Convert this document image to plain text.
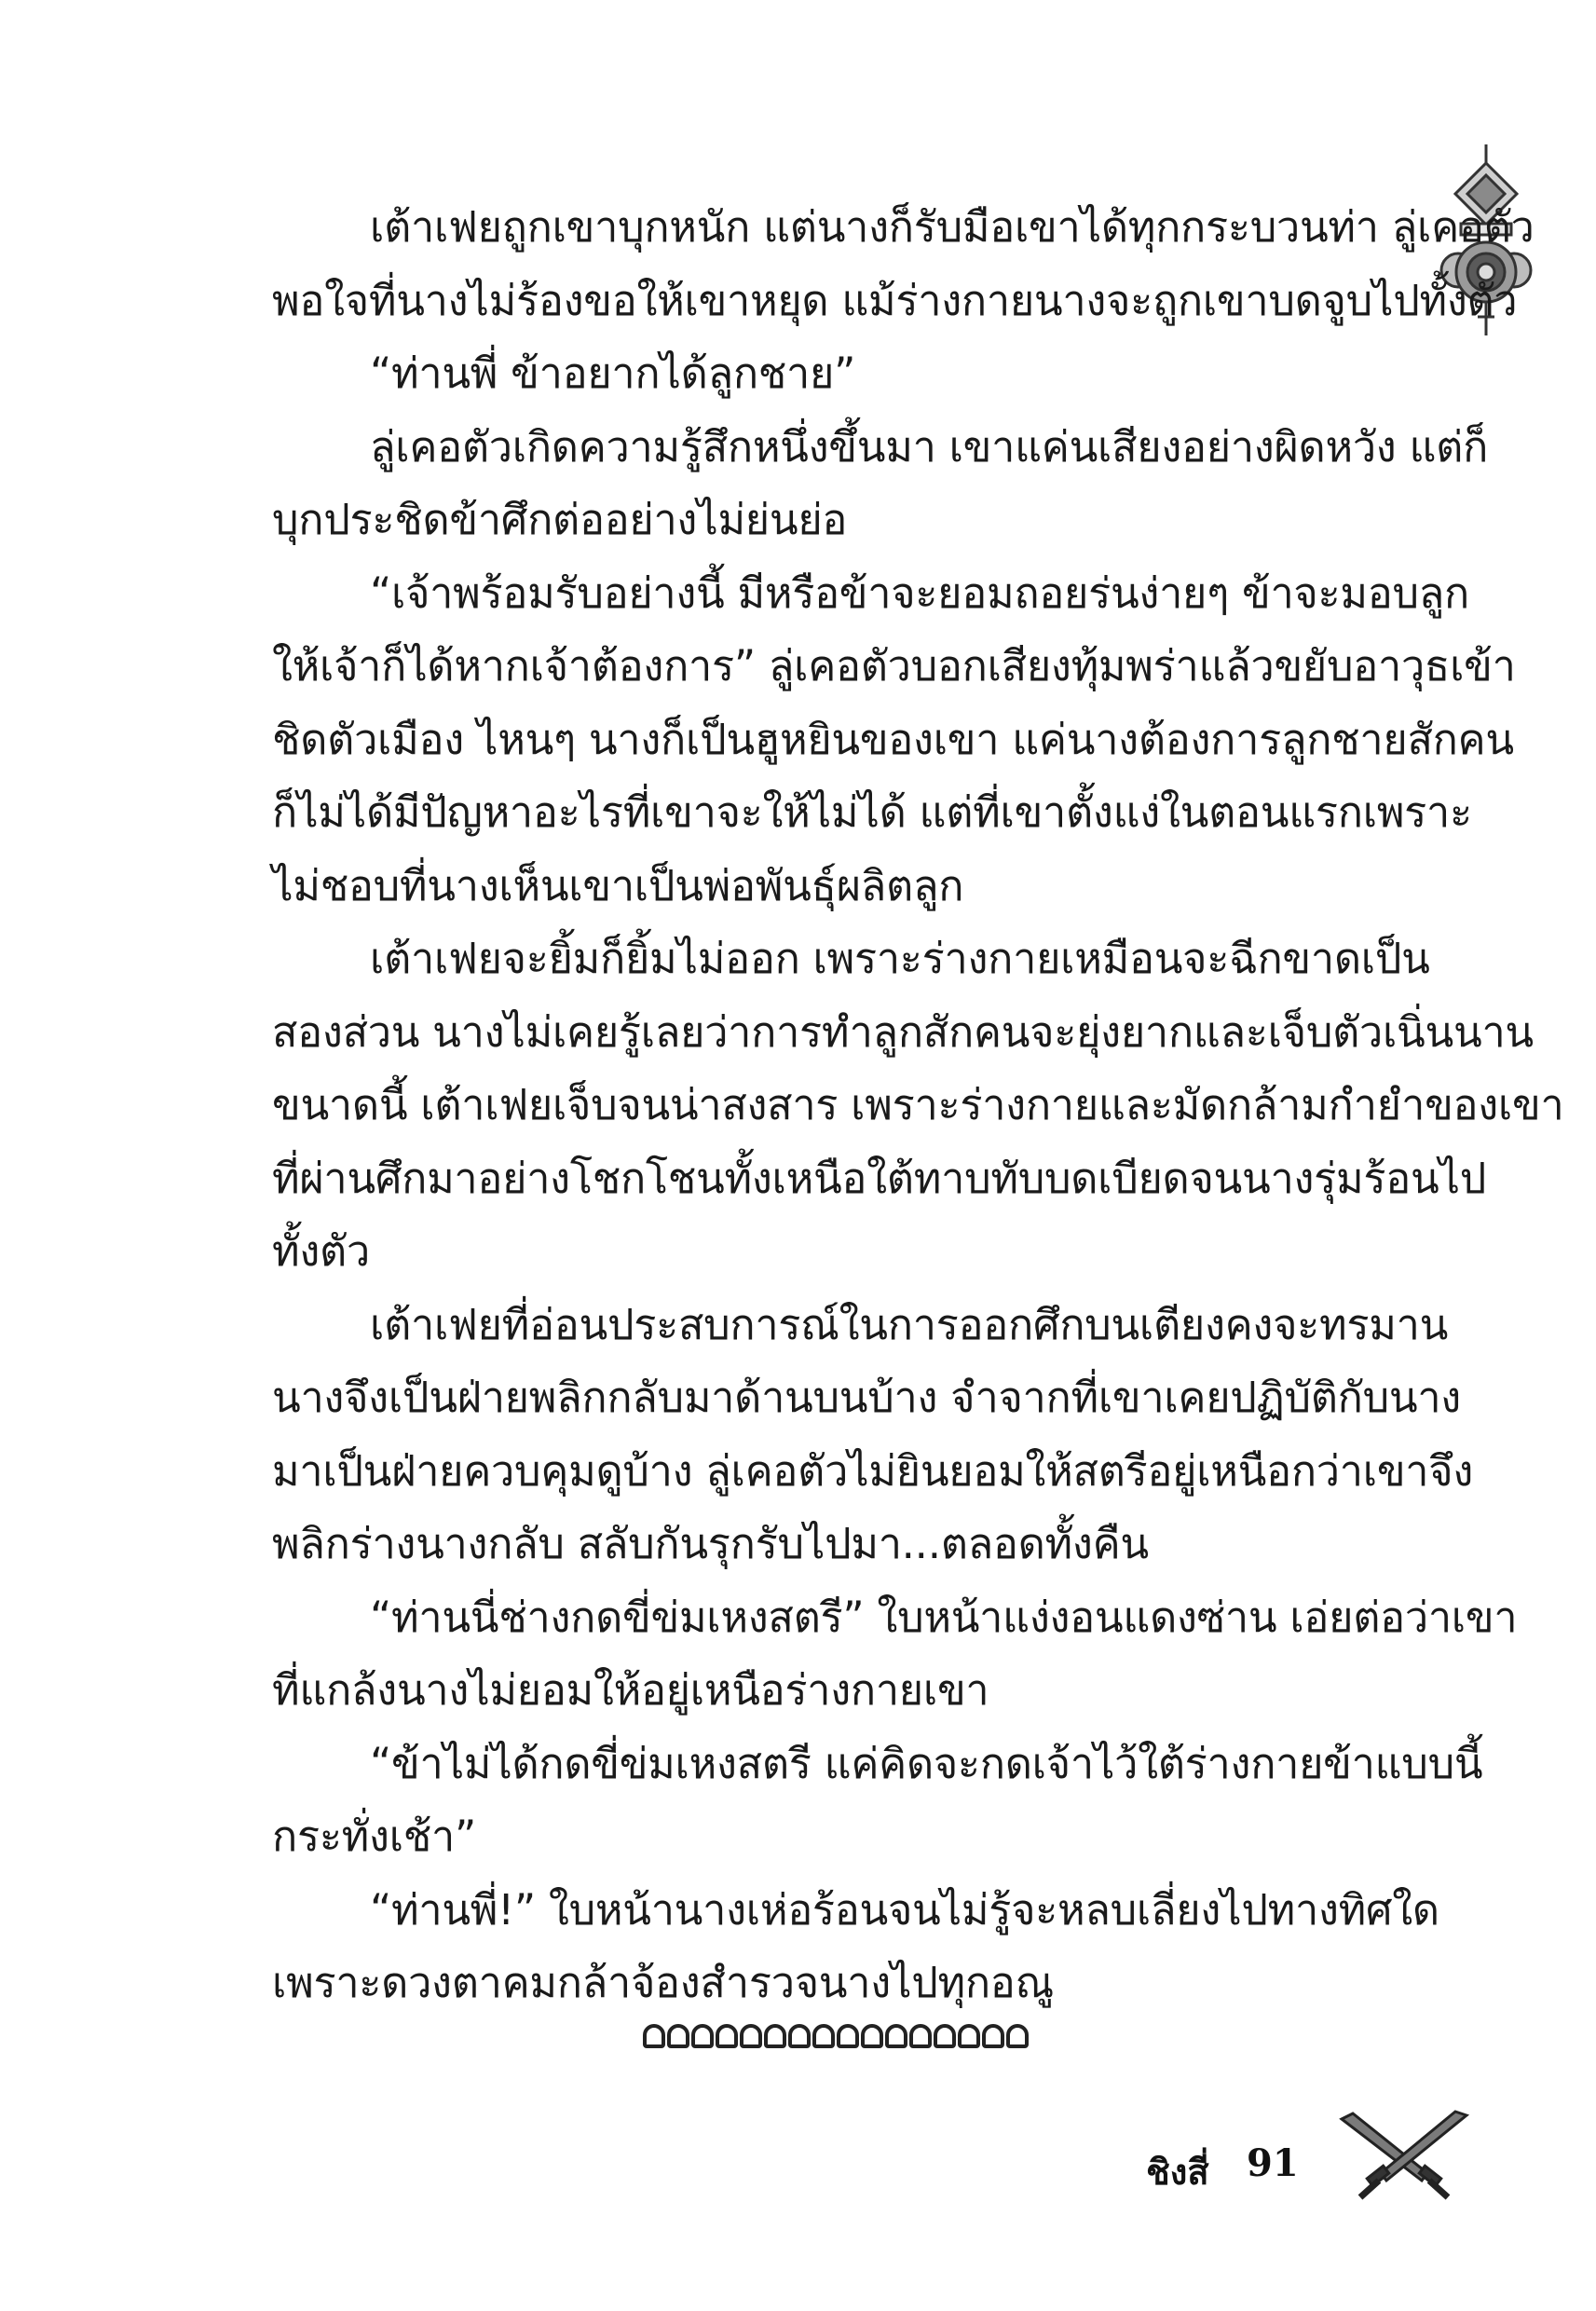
เต้าเฟยถูกเขาบุกหนัก แต่นางก็รับมือเขาได้ทุกกระบวนท่า ลู่เคอตัว
พอใจที่นางไม่ร้องขอให้เขาหยุด แม้ร่างกายนางจะถูกเขาบดจูบไปทั้งตัว
“ท่านพี่ ข้าอยากได้ลูกชาย”
ลู่เคอตัวเกิดความรู้สึกหนึ่งขึ้นมา เขาแค่นเสียงอย่างผิดหวัง แต่ก็
บุกประชิดข้าศึกต่ออย่างไม่ย่นย่อ
“เจ้าพร้อมรับอย่างนี้ มีหรือข้าจะยอมถอยร่นง่ายๆ ข้าจะมอบลูก
ให้เจ้าก็ได้หากเจ้าต้องการ” ลู่เคอตัวบอกเสียงทุ้มพร่าแล้วขยับอาวุธเข้า
ชิดตัวเมือง ไหนๆ นางก็เป็นฮูหยินของเขา แค่นางต้องการลูกชายสักคน
ก็ไม่ได้มีปัญหาอะไรที่เขาจะให้ไม่ได้ แต่ที่เขาตั้งแง่ในตอนแรกเพราะ
ไม่ชอบที่นางเห็นเขาเป็นพ่อพันธุ์ผลิตลูก
เต้าเฟยจะยิ้มก็ยิ้มไม่ออก เพราะร่างกายเหมือนจะฉีกขาดเป็น
สองส่วน นางไม่เคยรู้เลยว่าการทำลูกสักคนจะยุ่งยากและเจ็บตัวเนิ่นนาน
ขนาดนี้ เต้าเฟยเจ็บจนน่าสงสาร เพราะร่างกายและมัดกล้ามกำยำของเขา
ที่ผ่านศึกมาอย่างโชกโชนทั้งเหนือใต้ทาบทับบดเบียดจนนางรุ่มร้อนไป
ทั้งตัว
เต้าเฟยที่อ่อนประสบการณ์ในการออกศึกบนเตียงคงจะทรมาน
นางจึงเป็นฝ่ายพลิกกลับมาด้านบนบ้าง จำจากที่เขาเคยปฏิบัติกับนาง
มาเป็นฝ่ายควบคุมดูบ้าง ลู่เคอตัวไม่ยินยอมให้สตรีอยู่เหนือกว่าเขาจึง
พลิกร่างนางกลับ สลับกันรุกรับไปมา...ตลอดทั้งคืน
“ท่านนี่ช่างกดขี่ข่มเหงสตรี” ใบหน้าแง่งอนแดงซ่าน เอ่ยต่อว่าเขา
ที่แกล้งนางไม่ยอมให้อยู่เหนือร่างกายเขา
“ข้าไม่ได้กดขี่ข่มเหงสตรี แค่คิดจะกดเจ้าไว้ใต้ร่างกายข้าแบบนี้
กระทั่งเช้า”
“ท่านพี่!” ใบหน้านางเห่อร้อนจนไม่รู้จะหลบเลี่ยงไปทางทิศใด
เพราะดวงตาคมกล้าจ้องสำรวจนางไปทุกอณู
ชิงสี่ 91
